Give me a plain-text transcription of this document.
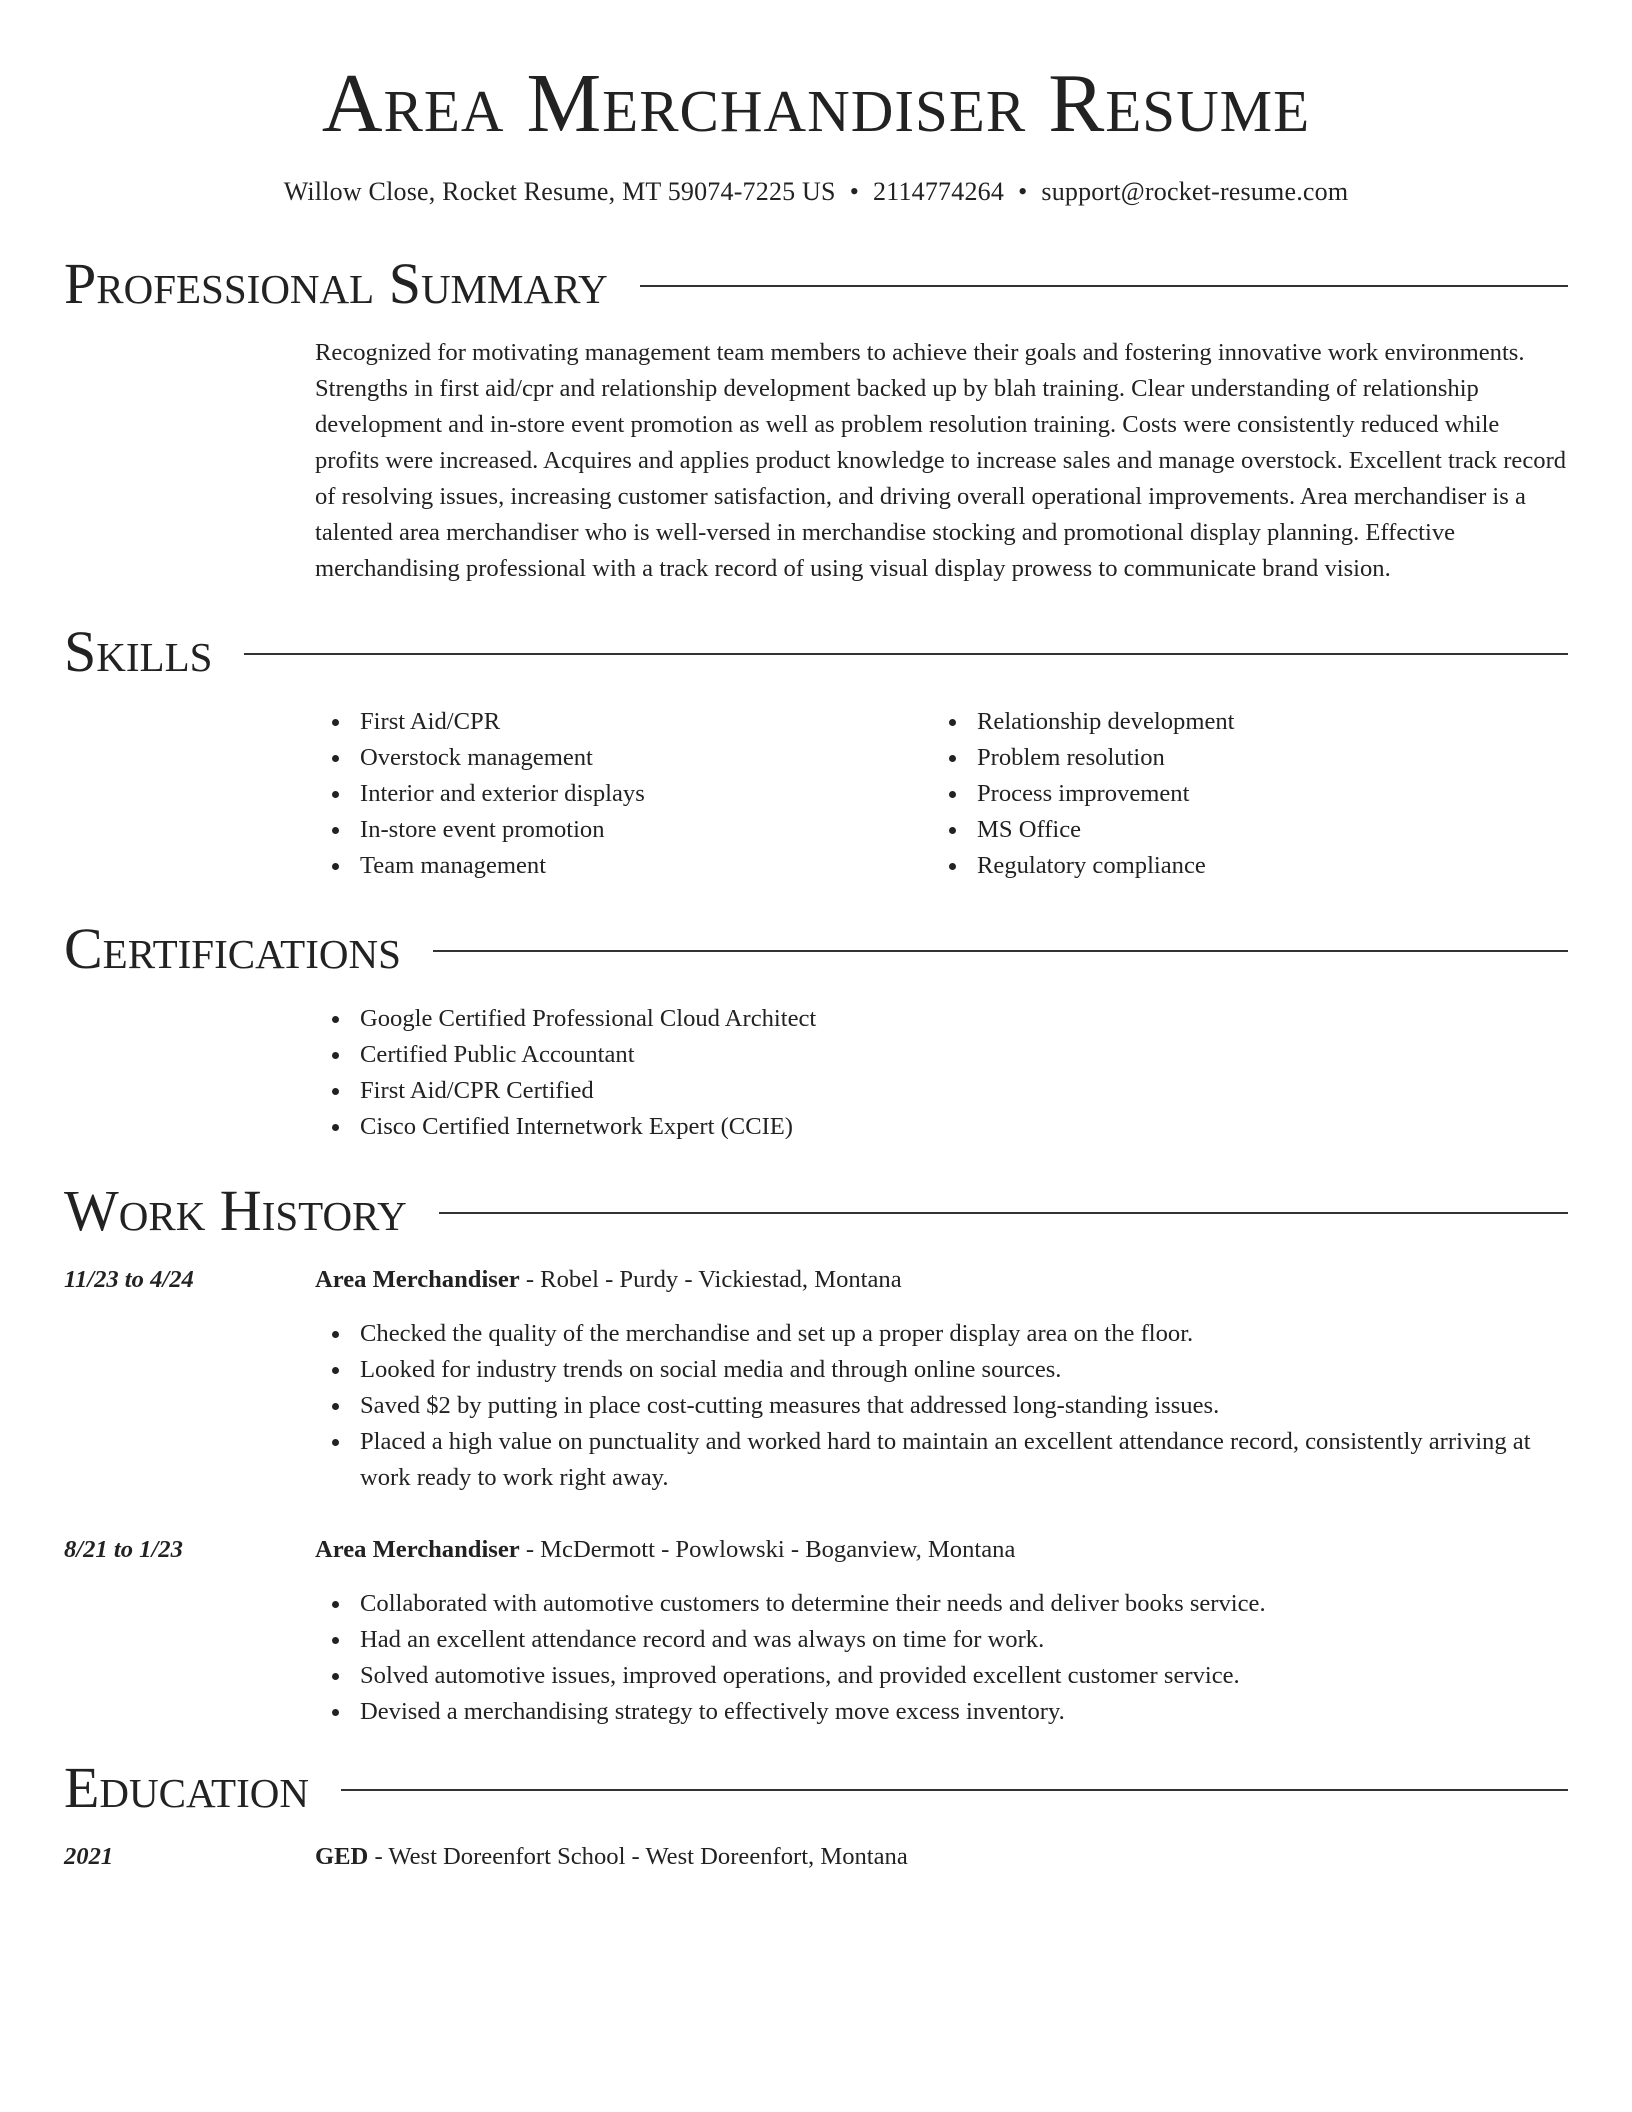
Area Merchandiser Resume
Willow Close, Rocket Resume, MT 59074-7225 US • 2114774264 • support@rocket-resume.com
Professional Summary

Recognized for motivating management team members to achieve their goals and fostering innovative work environments. Strengths in first aid/cpr and relationship development backed up by blah training. Clear understanding of relationship development and in-store event promotion as well as problem resolution training. Costs were consistently reduced while profits were increased. Acquires and applies product knowledge to increase sales and manage overstock. Excellent track record of resolving issues, increasing customer satisfaction, and driving overall operational improvements. Area merchandiser is a talented area merchandiser who is well-versed in merchandise stocking and promotional display planning. Effective merchandising professional with a track record of using visual display prowess to communicate brand vision.

Skills
First Aid/CPR
Overstock management
Interior and exterior displays
In-store event promotion
Team management
Relationship development
Problem resolution
Process improvement
MS Office
Regulatory compliance
Certifications
Google Certified Professional Cloud Architect
Certified Public Accountant
First Aid/CPR Certified
Cisco Certified Internetwork Expert (CCIE)
Work History
11/23 to 4/24	Area Merchandiser - Robel - Purdy - Vickiestad, Montana
Checked the quality of the merchandise and set up a proper display area on the floor.
Looked for industry trends on social media and through online sources.
Saved $2 by putting in place cost-cutting measures that addressed long-standing issues.
Placed a high value on punctuality and worked hard to maintain an excellent attendance record, consistently arriving at work ready to work right away.
8/21 to 1/23	Area Merchandiser - McDermott - Powlowski - Boganview, Montana
Collaborated with automotive customers to determine their needs and deliver books service.
Had an excellent attendance record and was always on time for work.
Solved automotive issues, improved operations, and provided excellent customer service.
Devised a merchandising strategy to effectively move excess inventory.
Education
2021	GED - West Doreenfort School - West Doreenfort, Montana
